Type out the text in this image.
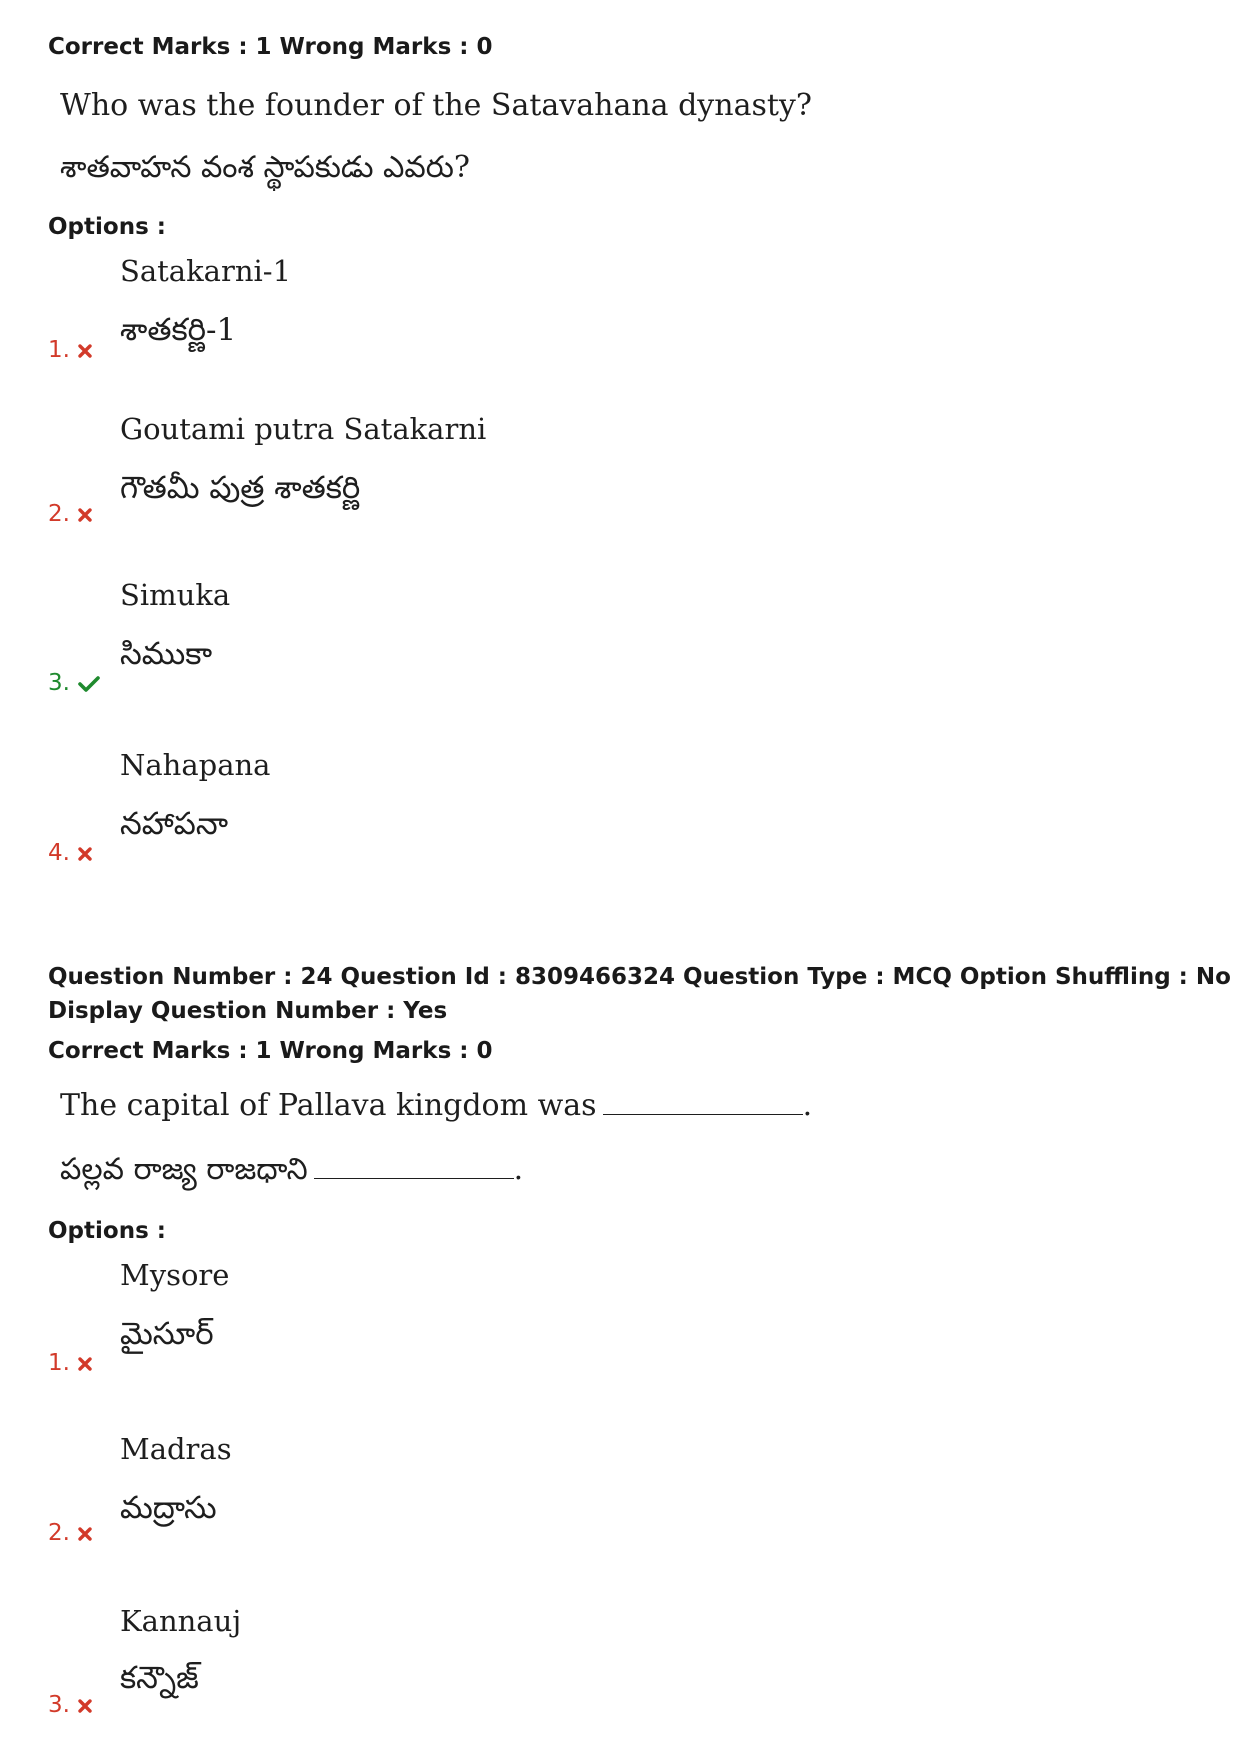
Correct Marks : 1 Wrong Marks : 0

Who was the founder of the Satavahana dynasty?

శాతవాహన వంశ స్థాపకుడు ఎవరు?

Options :

Satakarni-1

శాతకర్ణి-1

1.

Goutami putra Satakarni

గౌతమీ పుత్ర శాతకర్ణి

2.

Simuka

సిముకా

3.

Nahapana

నహాపనా

4.

Question Number : 24 Question Id : 8309466324 Question Type : MCQ Option Shuffling : No

Display Question Number : Yes

Correct Marks : 1 Wrong Marks : 0

The capital of Pallava kingdom was	.

పల్లవ రాజ్య రాజధాని	.

Options :

Mysore

మైసూర్

1.

Madras

మద్రాసు

2.

Kannauj

కన్నౌజ్

3.
